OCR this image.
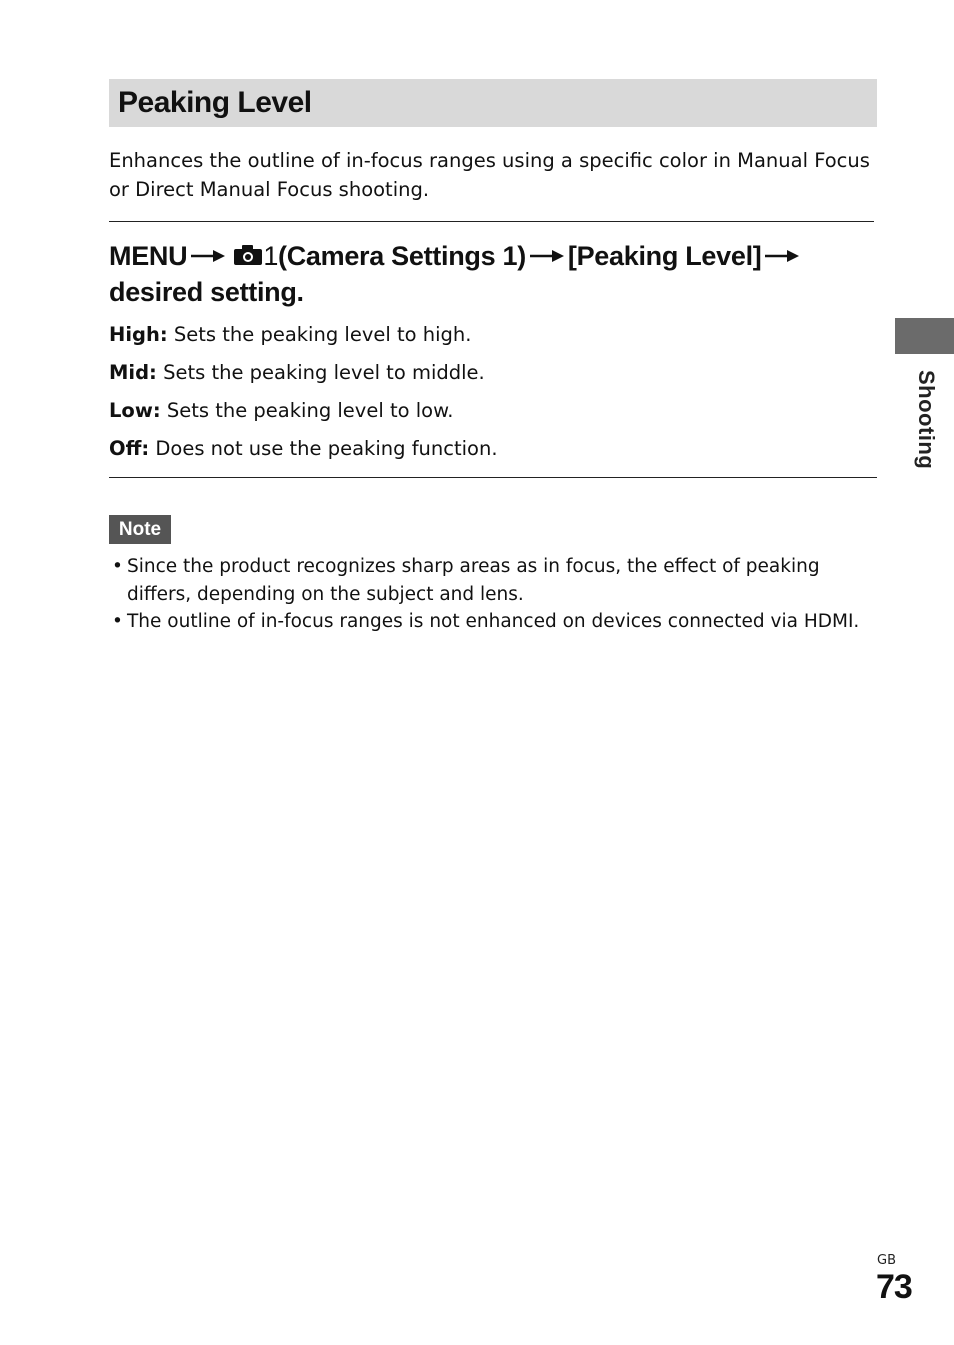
Peaking Level

Enhances the outline of in-focus ranges using a specific color in Manual Focus or Direct Manual Focus shooting.

MENU	1(Camera Settings 1) [Peaking Level]
desired setting.

High: Sets the peaking level to high.
Mid: Sets the peaking level to middle.
Low: Sets the peaking level to low.
Off: Does not use the peaking function.
Note
• Since the product recognizes sharp areas as in focus, the effect of peaking differs, depending on the subject and lens.
• The outline of in-focus ranges is not enhanced on devices connected via HDMI.
Shooting
GB
73
